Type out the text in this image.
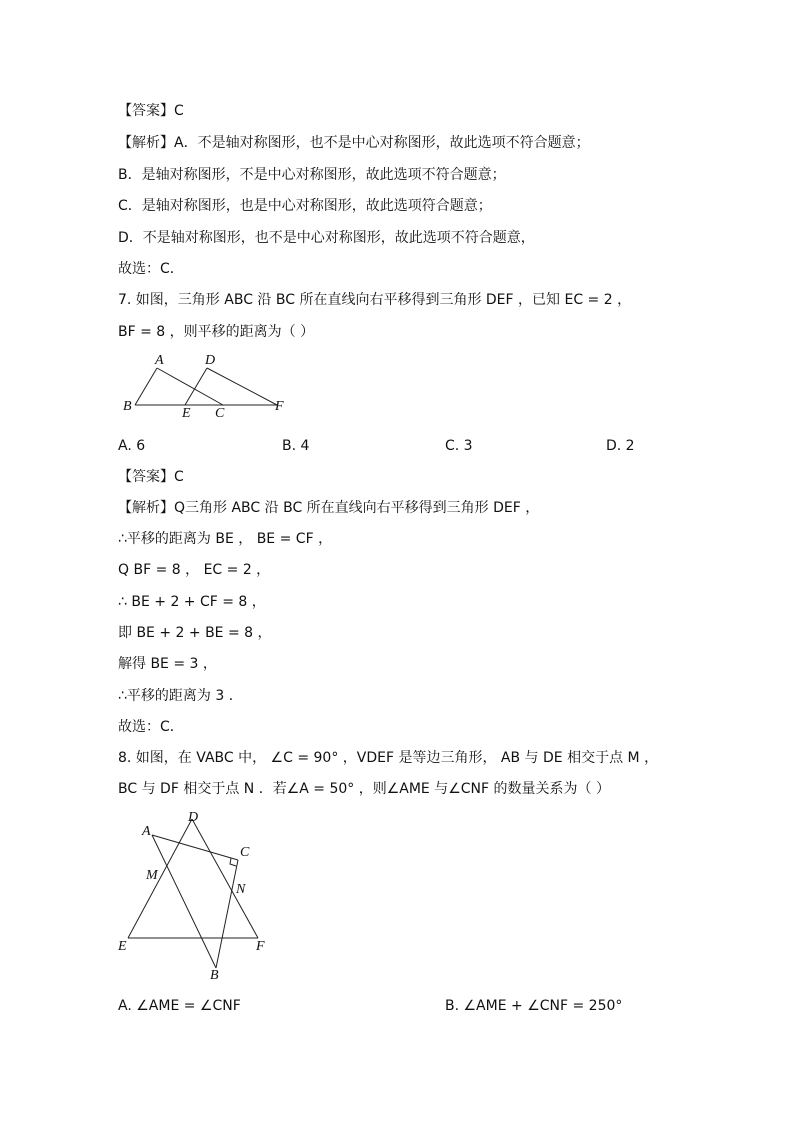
【答案】C
【解析】A．不是轴对称图形，也不是中心对称图形，故此选项不符合题意；
B．是轴对称图形，不是中心对称图形，故此选项不符合题意；
C．是轴对称图形，也是中心对称图形，故此选项符合题意；
D．不是轴对称图形，也不是中心对称图形，故此选项不符合题意，
故选：C．
7. 如图，三角形 ABC 沿 BC 所在直线向右平移得到三角形 DEF ，已知 EC = 2 ，
BF = 8 ，则平移的距离为（ ）
A	D
B	E C	F
A. 6	B. 4	C. 3	D. 2
【答案】C
【解析】Q三角形 ABC 沿 BC 所在直线向右平移得到三角形 DEF ，
∴平移的距离为 BE ， BE = CF ，
Q BF = 8 ， EC = 2 ，
∴ BE + 2 + CF = 8 ，
即 BE + 2 + BE = 8 ，
解得 BE = 3 ，
∴平移的距离为 3 ．
故选：C．
8. 如图，在 VABC 中， ∠C = 90° ，VDEF 是等边三角形， AB 与 DE 相交于点 M ，
BC 与 DF 相交于点 N ．若∠A = 50° ，则∠AME 与∠CNF 的数量关系为（ ）
A
D
C
M
N
E	F
B
A. ∠AME = ∠CNF	B. ∠AME + ∠CNF = 250°
